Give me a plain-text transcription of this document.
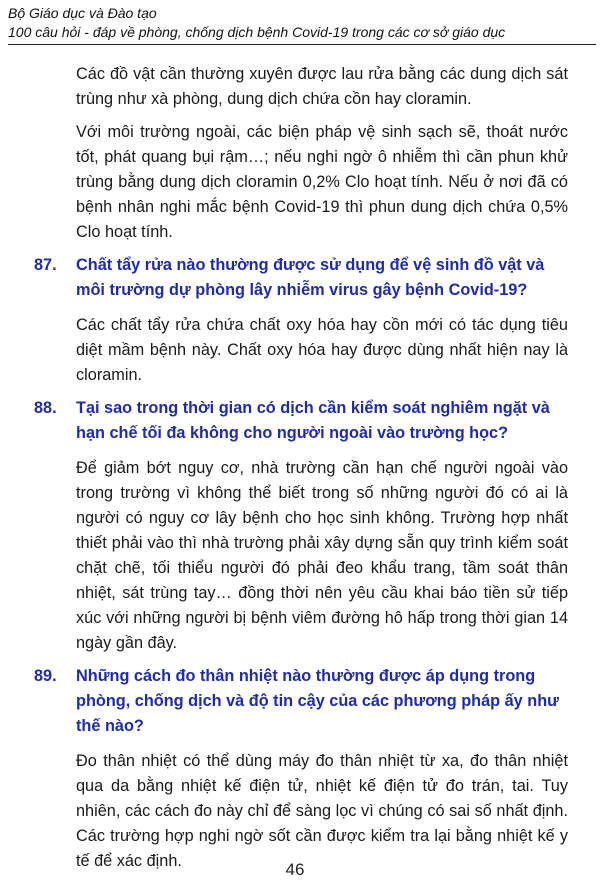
Bộ Giáo dục và Đào tạo
100 câu hỏi - đáp về phòng, chống dịch bệnh Covid-19 trong các cơ sở giáo dục

Các đồ vật cần thường xuyên được lau rửa bằng các dung dịch sát trùng như xà phòng, dung dịch chứa cồn hay cloramin.

Với môi trường ngoài, các biện pháp vệ sinh sạch sẽ, thoát nước tốt, phát quang bụi rậm…; nếu nghi ngờ ô nhiễm thì cần phun khử trùng bằng dung dịch cloramin 0,2% Clo hoạt tính. Nếu ở nơi đã có bệnh nhân nghi mắc bệnh Covid-19 thì phun dung dịch chứa 0,5% Clo hoạt tính.

87. Chất tẩy rửa nào thường được sử dụng để vệ sinh đồ vật và môi trường dự phòng lây nhiễm virus gây bệnh Covid-19?

Các chất tẩy rửa chứa chất oxy hóa hay cồn mới có tác dụng tiêu diệt mầm bệnh này. Chất oxy hóa hay được dùng nhất hiện nay là cloramin.

88. Tại sao trong thời gian có dịch cần kiểm soát nghiêm ngặt và hạn chế tối đa không cho người ngoài vào trường học?

Để giảm bớt nguy cơ, nhà trường cần hạn chế người ngoài vào trong trường vì không thể biết trong số những người đó có ai là người có nguy cơ lây bệnh cho học sinh không. Trường hợp nhất thiết phải vào thì nhà trường phải xây dựng sẵn quy trình kiểm soát chặt chẽ, tối thiểu người đó phải đeo khẩu trang, tầm soát thân nhiệt, sát trùng tay… đồng thời nên yêu cầu khai báo tiền sử tiếp xúc với những người bị bệnh viêm đường hô hấp trong thời gian 14 ngày gần đây.

89. Những cách đo thân nhiệt nào thường được áp dụng trong phòng, chống dịch và độ tin cậy của các phương pháp ấy như thế nào?

Đo thân nhiệt có thể dùng máy đo thân nhiệt từ xa, đo thân nhiệt qua da bằng nhiệt kế điện tử, nhiệt kế điện tử đo trán, tai. Tuy nhiên, các cách đo này chỉ để sàng lọc vì chúng có sai số nhất định. Các trường hợp nghi ngờ sốt cần được kiểm tra lại bằng nhiệt kế y tế để xác định.	46
